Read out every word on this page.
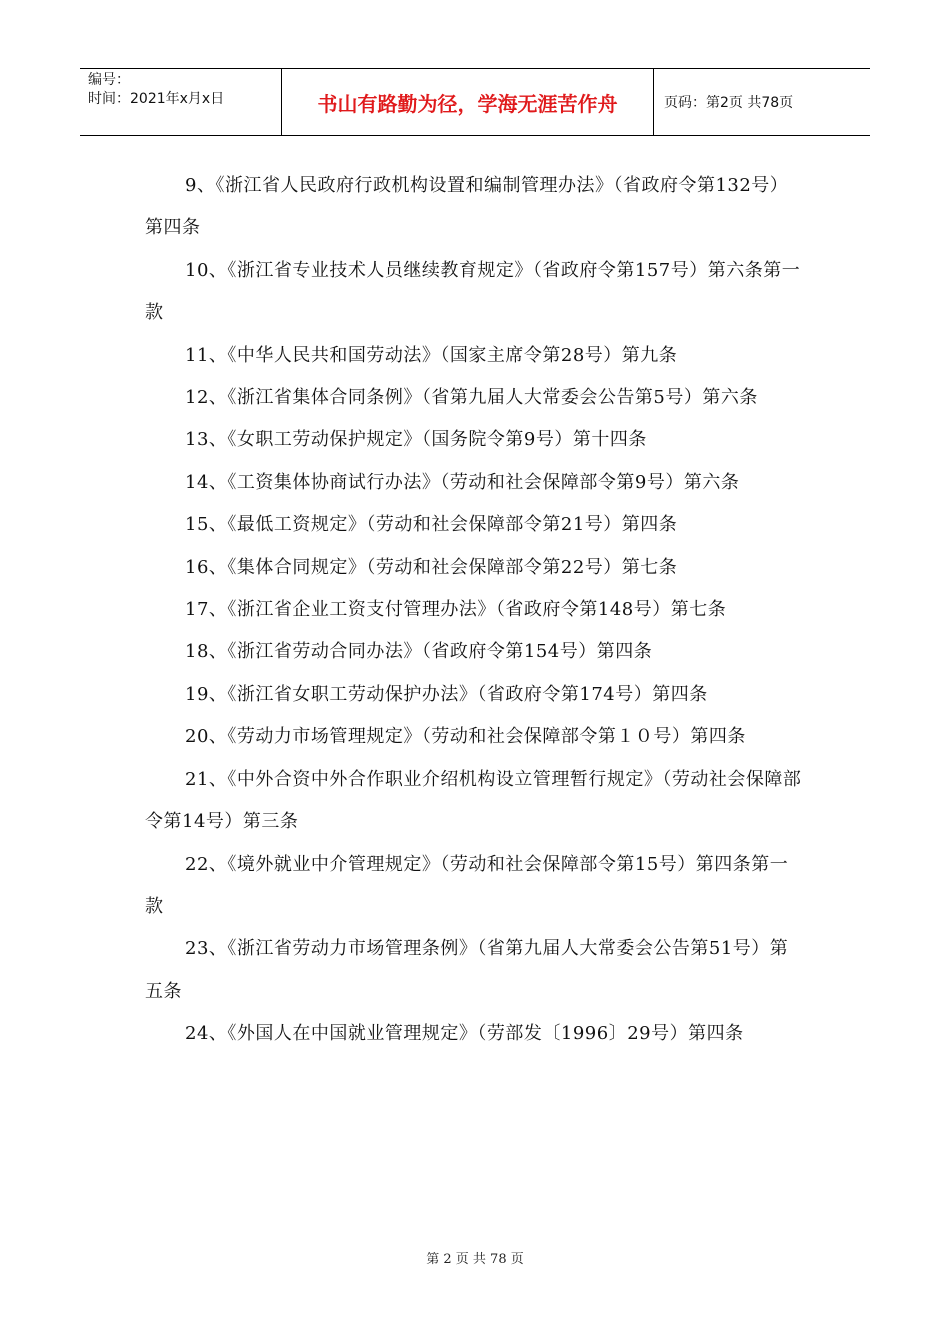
编号：
时间：2021年x月x日	书山有路勤为径，学海无涯苦作舟	页码：第2页 共78页

9、《浙江省人民政府行政机构设置和编制管理办法》（省政府令第132号）第四条

10、《浙江省专业技术人员继续教育规定》（省政府令第157号）第六条第一款

11、《中华人民共和国劳动法》（国家主席令第28号）第九条

12、《浙江省集体合同条例》（省第九届人大常委会公告第5号）第六条

13、《女职工劳动保护规定》（国务院令第9号）第十四条

14、《工资集体协商试行办法》（劳动和社会保障部令第9号）第六条

15、《最低工资规定》（劳动和社会保障部令第21号）第四条

16、《集体合同规定》（劳动和社会保障部令第22号）第七条

17、《浙江省企业工资支付管理办法》（省政府令第148号）第七条

18、《浙江省劳动合同办法》（省政府令第154号）第四条

19、《浙江省女职工劳动保护办法》（省政府令第174号）第四条

20、《劳动力市场管理规定》（劳动和社会保障部令第１０号）第四条

21、《中外合资中外合作职业介绍机构设立管理暂行规定》（劳动社会保障部令第14号）第三条

22、《境外就业中介管理规定》（劳动和社会保障部令第15号）第四条第一款

23、《浙江省劳动力市场管理条例》（省第九届人大常委会公告第51号）第五条

24、《外国人在中国就业管理规定》（劳部发〔1996〕29号）第四条

第 2 页 共 78 页
